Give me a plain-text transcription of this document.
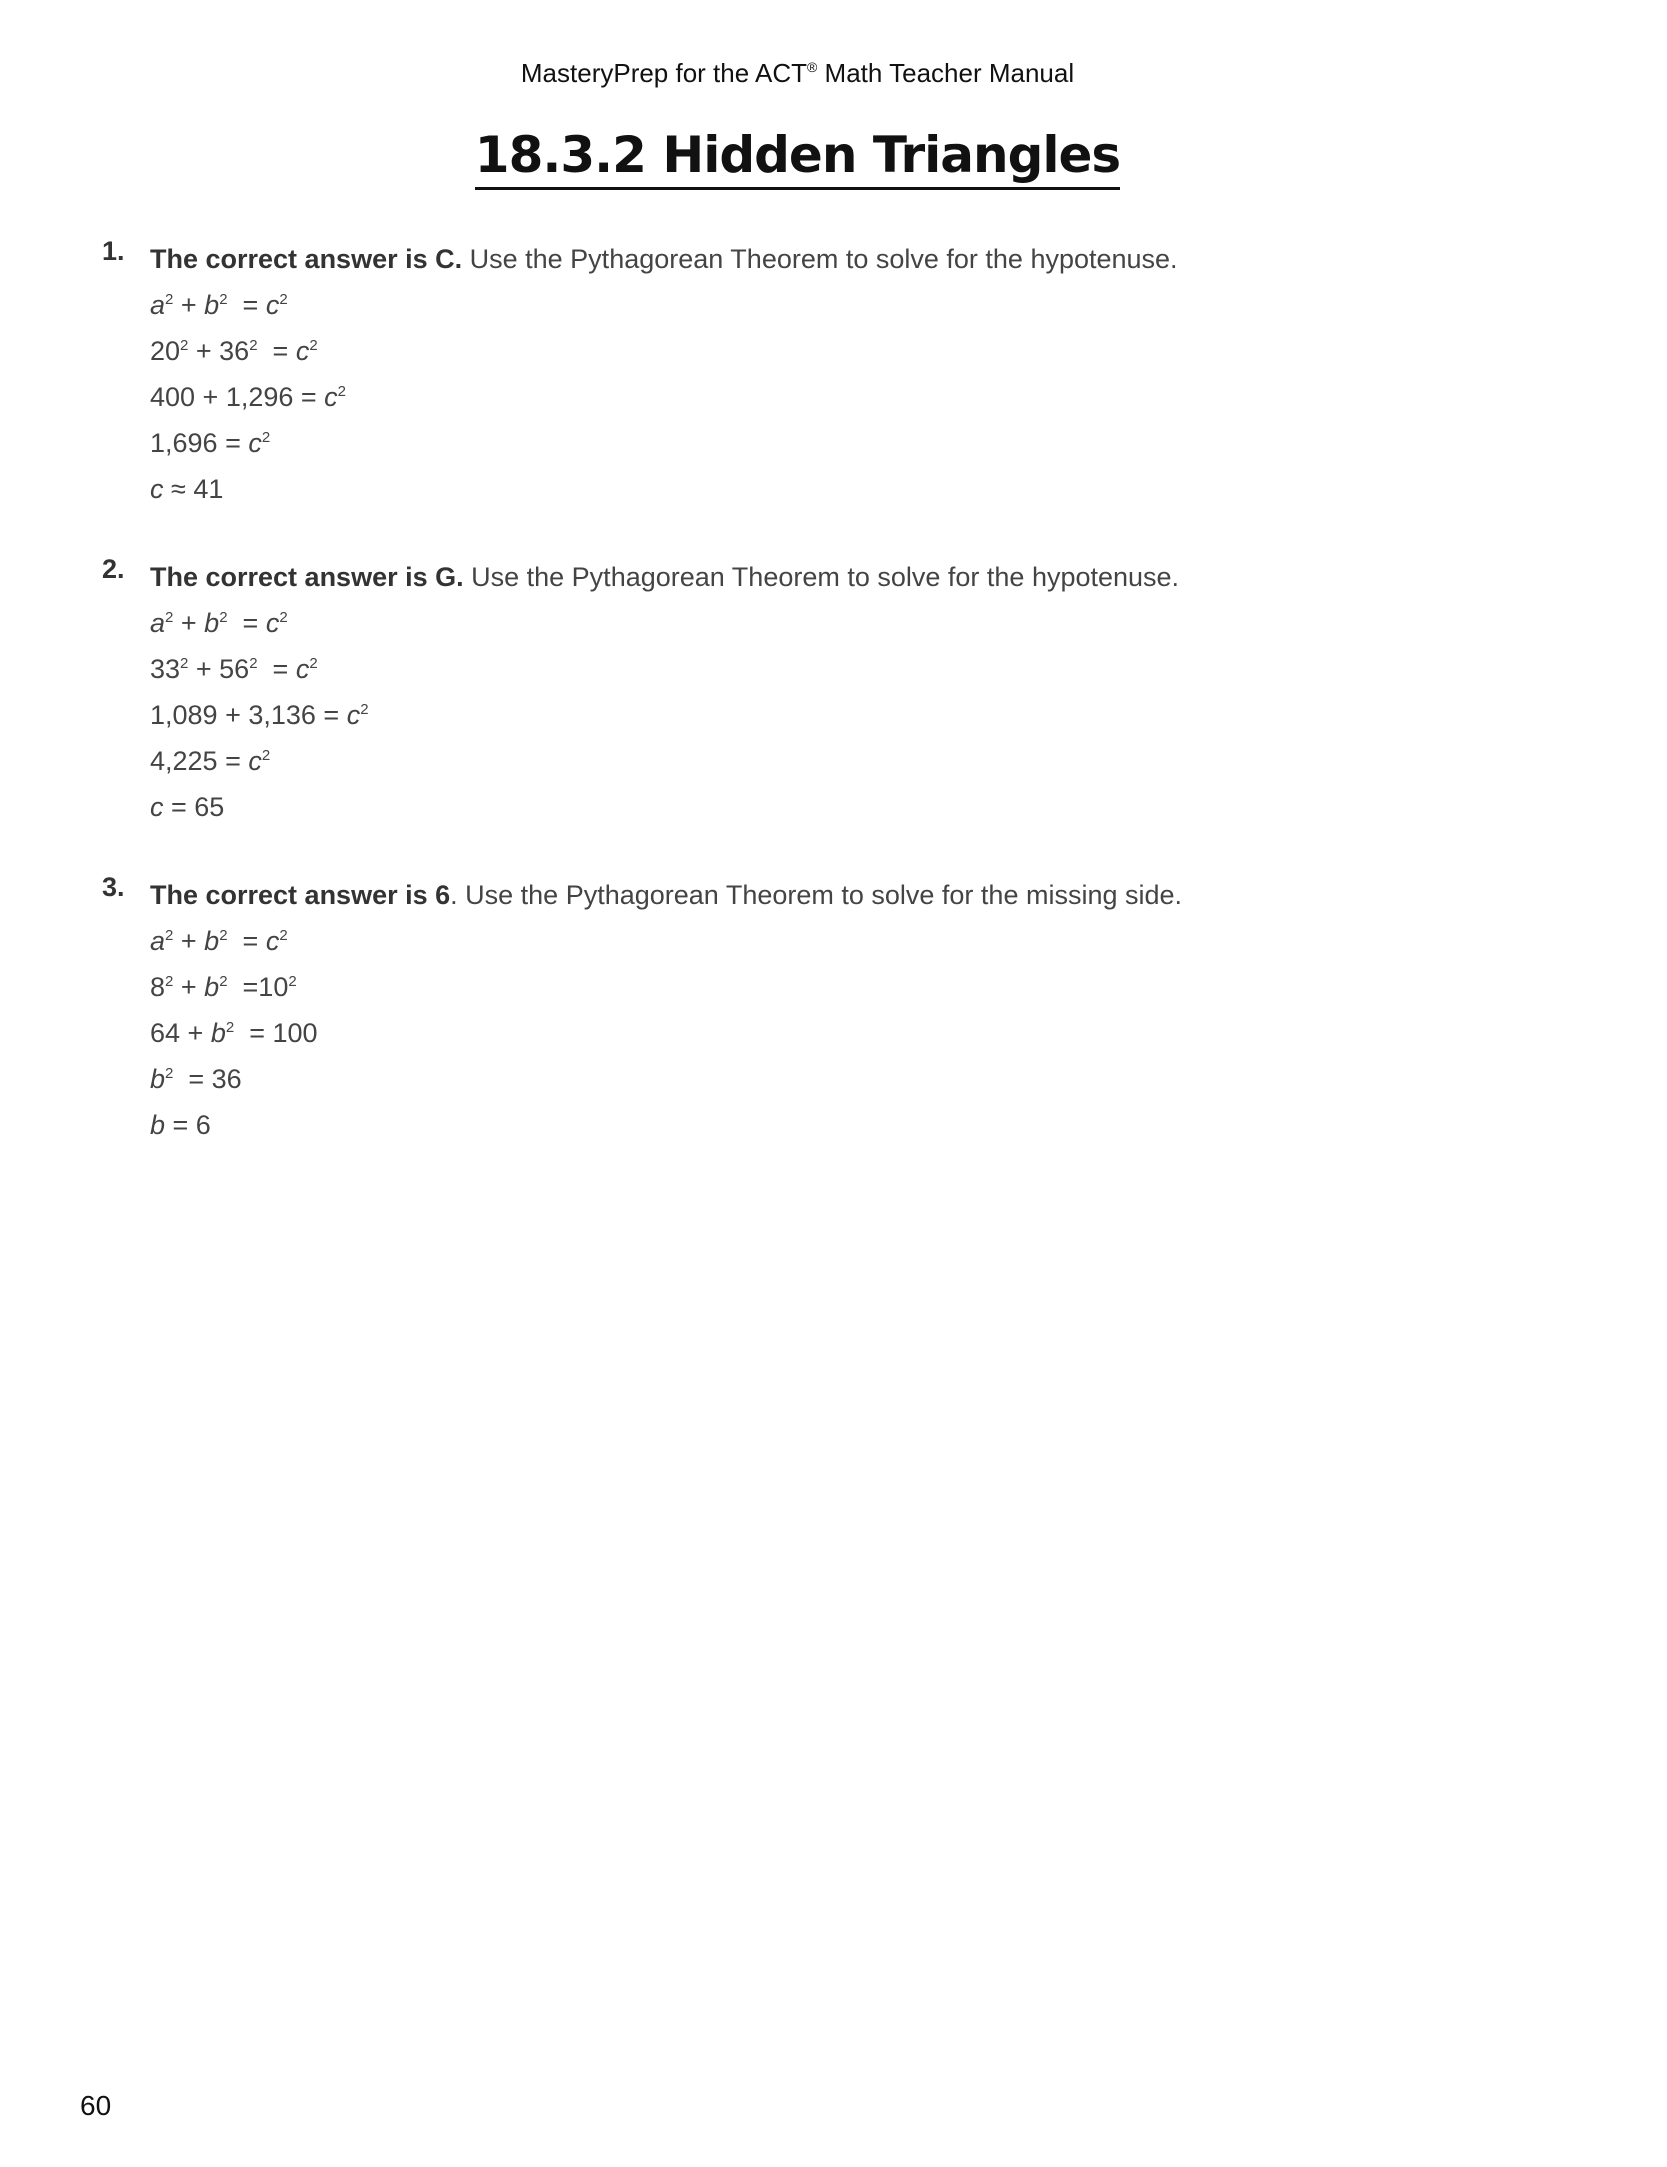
MasteryPrep for the ACT® Math Teacher Manual
18.3.2 Hidden Triangles
1. The correct answer is C. Use the Pythagorean Theorem to solve for the hypotenuse.
$a^2 + b^2 = c^2$
$20^2 + 36^2 = c^2$
$400 + 1,296 = c^2$
$1,696 = c^2$
c ≈ 41
2. The correct answer is G. Use the Pythagorean Theorem to solve for the hypotenuse.
$a^2 + b^2 = c^2$
$33^2 + 56^2 = c^2$
$1,089 + 3,136 = c^2$
$4,225 = c^2$
c = 65
3. The correct answer is 6. Use the Pythagorean Theorem to solve for the missing side.
$a^2 + b^2 = c^2$
$8^2 + b^2 =10^2$
$64 + b^2 = 100$
$b^2 = 36$
b = 6
60
